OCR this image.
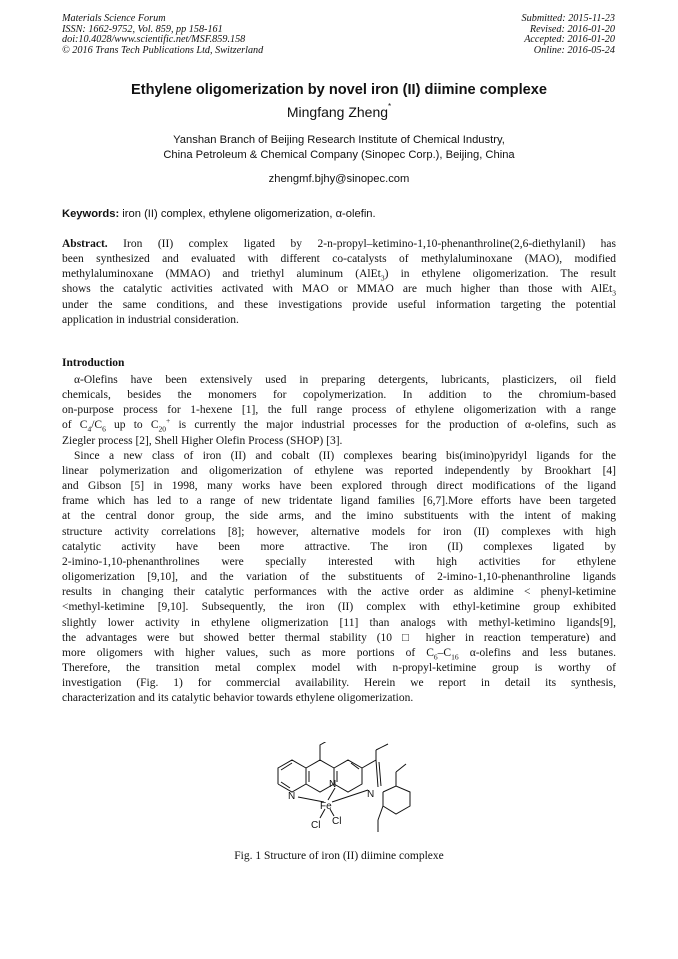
Materials Science Forum
ISSN: 1662-9752, Vol. 859, pp 158-161
doi:10.4028/www.scientific.net/MSF.859.158
© 2016 Trans Tech Publications Ltd, Switzerland
Submitted: 2015-11-23
Revised: 2016-01-20
Accepted: 2016-01-20
Online: 2016-05-24
Ethylene oligomerization by novel iron (II) diimine complexe
Mingfang Zheng*
Yanshan Branch of Beijing Research Institute of Chemical Industry,
China Petroleum & Chemical Company (Sinopec Corp.), Beijing, China
zhengmf.bjhy@sinopec.com
Keywords: iron (II) complex, ethylene oligomerization, α-olefin.
Abstract. Iron (II) complex ligated by 2-n-propyl–ketimino-1,10-phenanthroline(2,6-diethylanil) has
been synthesized and evaluated with different co-catalysts of methylaluminoxane (MAO), modified
methylaluminoxane (MMAO) and triethyl aluminum (AlEt$_3$) in ethylene oligomerization. The result
shows the catalytic activities activated with MAO or MMAO are much higher than those with AlEt$_3$
under the same conditions, and these investigations provide useful information targeting the potential
application in industrial consideration.
Introduction
α-Olefins have been extensively used in preparing detergents, lubricants, plasticizers, oil field
chemicals, besides the monomers for copolymerization. In addition to the chromium-based
on-purpose process for 1-hexene [1], the full range process of ethylene oligomerization with a range
of $C_4/C_6$ up to $C_{20}^+$ is currently the major industrial processes for the production of α-olefins, such as
Ziegler process [2], Shell Higher Olefin Process (SHOP) [3].
Since a new class of iron (II) and cobalt (II) complexes bearing bis(imino)pyridyl ligands for the
linear polymerization and oligomerization of ethylene was reported independently by Brookhart [4]
and Gibson [5] in 1998, many works have been explored through direct modifications of the ligand
frame which has led to a range of new tridentate ligand families [6,7].More efforts have been targeted
at the central donor group, the side arms, and the imino substituents with the intent of making
structure activity correlations [8]; however, alternative models for iron (II) complexes with high
catalytic activity have been more attractive. The iron (II) complexes ligated by
2-imino-1,10-phenanthrolines were specially interested with high activities for ethylene
oligomerization [9,10], and the variation of the substituents of 2-imino-1,10-phenanthroline ligands
results in changing their catalytic performances with the active order as aldimine < phenyl-ketimine
<methyl-ketimine [9,10]. Subsequently, the iron (II) complex with ethyl-ketimine group exhibited
slightly lower activity in ethylene oligmerization [11] than analogs with methyl-ketimino ligands[9],
the advantages were but showed better thermal stability (10 □ higher in reaction temperature) and
more oligomers with higher values, such as more portions of $C_6-C_{16}$ α-olefins and less butanes.
Therefore, the transition metal complex model with n-propyl-ketimine group is worthy of
investigation (Fig. 1) for commercial availability. Herein we report in detail its synthesis,
characterization and its catalytic behavior towards ethylene oligomerization.
N
N
N
Fe
Cl Cl
Fig. 1 Structure of iron (II) diimine complexe
